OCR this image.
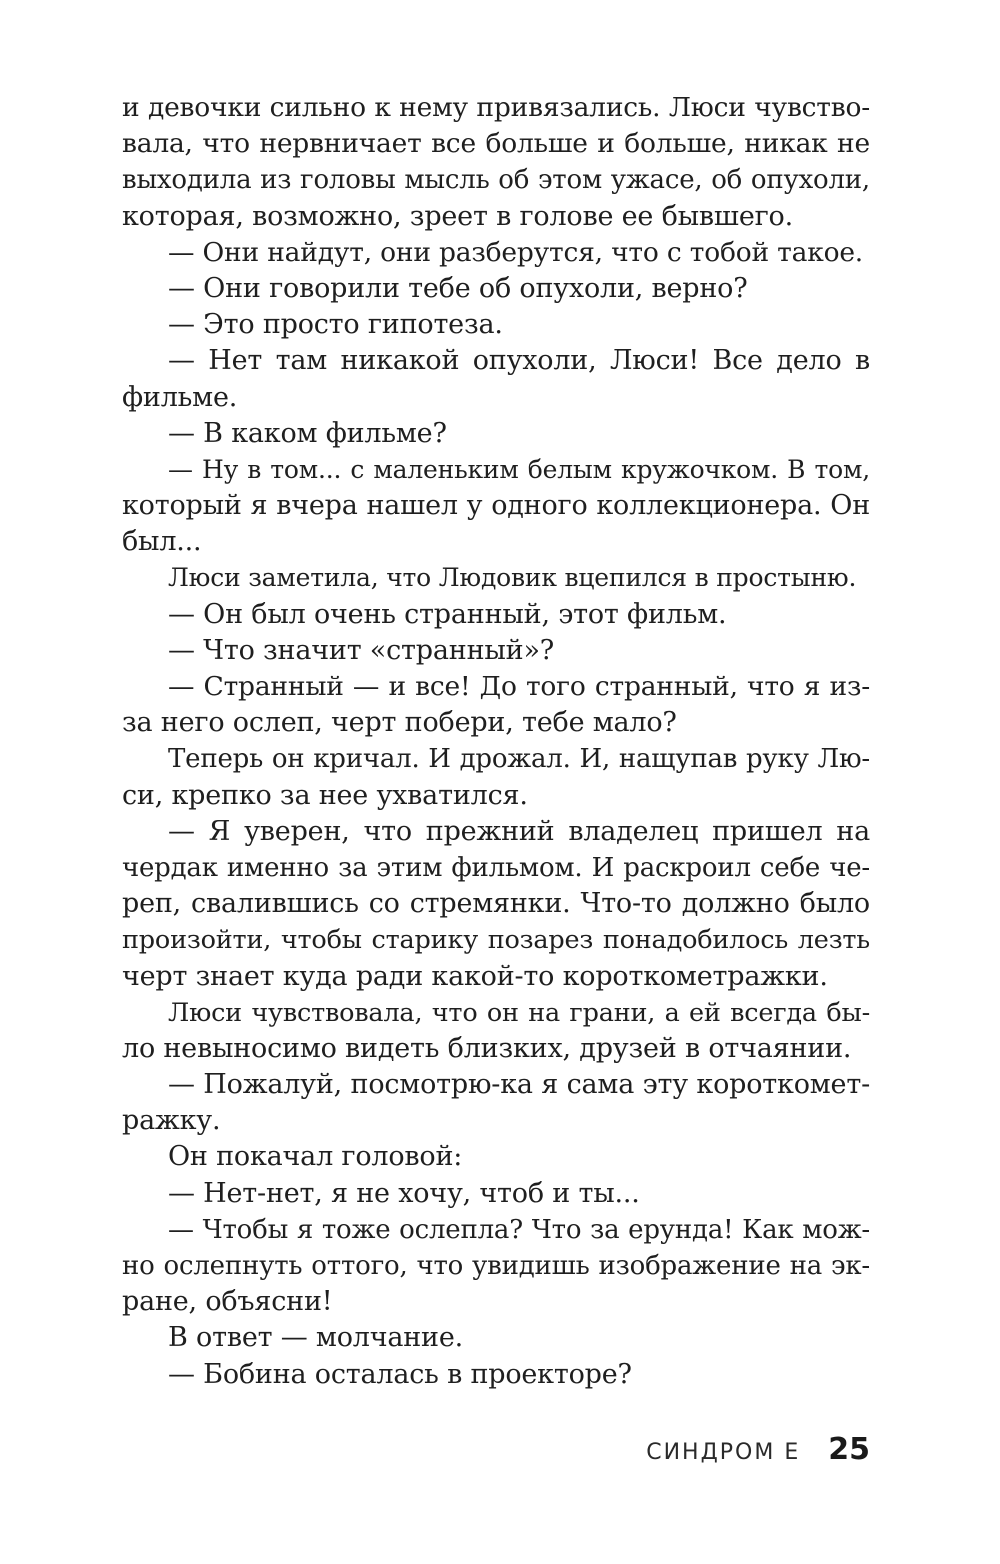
и девочки сильно к нему привязались. Люси чувство-
вала, что нервничает все больше и больше, никак не
выходила из головы мысль об этом ужасе, об опухоли,
которая, возможно, зреет в голове ее бывшего.
— Они найдут, они разберутся, что с тобой такое.
— Они говорили тебе об опухоли, верно?
— Это просто гипотеза.
— Нет там никакой опухоли, Люси! Все дело в
фильме.
— В каком фильме?
— Ну в том... с маленьким белым кружочком. В том,
который я вчера нашел у одного коллекционера. Он
был...
Люси заметила, что Людовик вцепился в простыню.
— Он был очень странный, этот фильм.
— Что значит «странный»?
— Странный — и все! До того странный, что я из-
за него ослеп, черт побери, тебе мало?
Теперь он кричал. И дрожал. И, нащупав руку Лю-
си, крепко за нее ухватился.
— Я уверен, что прежний владелец пришел на
чердак именно за этим фильмом. И раскроил себе че-
реп, свалившись со стремянки. Что-то должно было
произойти, чтобы старику позарез понадобилось лезть
черт знает куда ради какой-то короткометражки.
Люси чувствовала, что он на грани, а ей всегда бы-
ло невыносимо видеть близких, друзей в отчаянии.
— Пожалуй, посмотрю-ка я сама эту короткомет-
ражку.
Он покачал головой:
— Нет-нет, я не хочу, чтоб и ты...
— Чтобы я тоже ослепла? Что за ерунда! Как мож-
но ослепнуть оттого, что увидишь изображение на эк-
ране, объясни!
В ответ — молчание.
— Бобина осталась в проекторе?
СИНДРОМ Е 25
